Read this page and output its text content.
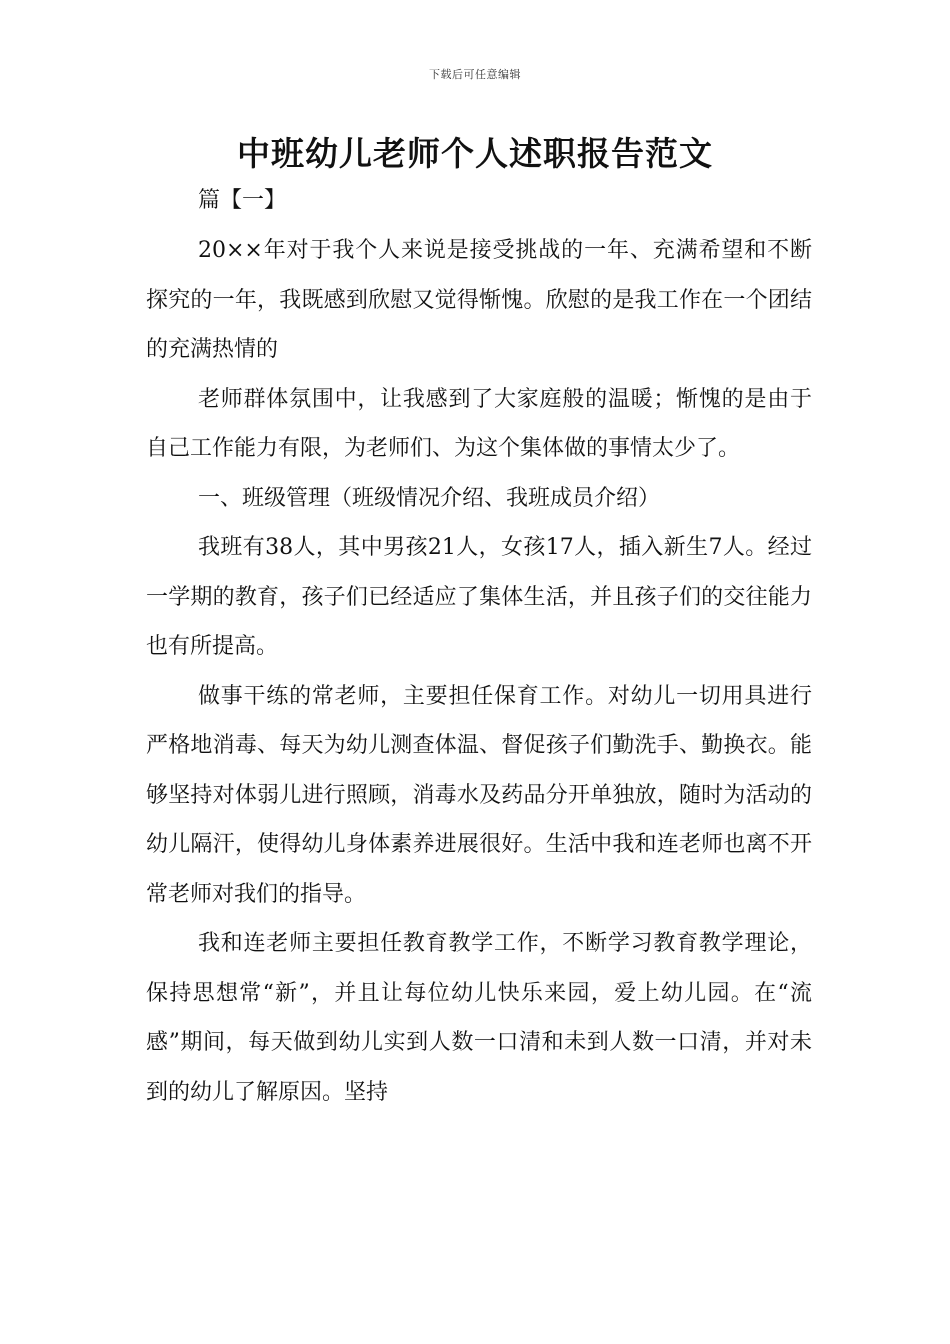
下载后可任意编辑
中班幼儿老师个人述职报告范文
篇【一】

20××年对于我个人来说是接受挑战的一年、充满希望和不断探究的一年，我既感到欣慰又觉得惭愧。欣慰的是我工作在一个团结的充满热情的

老师群体氛围中，让我感到了大家庭般的温暖；惭愧的是由于自己工作能力有限，为老师们、为这个集体做的事情太少了。

一、班级管理（班级情况介绍、我班成员介绍）

我班有38人，其中男孩21人，女孩17人，插入新生7人。经过一学期的教育，孩子们已经适应了集体生活，并且孩子们的交往能力也有所提高。

做事干练的常老师，主要担任保育工作。对幼儿一切用具进行严格地消毒、每天为幼儿测查体温、督促孩子们勤洗手、勤换衣。能够坚持对体弱儿进行照顾，消毒水及药品分开单独放，随时为活动的幼儿隔汗，使得幼儿身体素养进展很好。生活中我和连老师也离不开常老师对我们的指导。

我和连老师主要担任教育教学工作，不断学习教育教学理论，保持思想常“新”，并且让每位幼儿快乐来园，爱上幼儿园。在“流感”期间，每天做到幼儿实到人数一口清和未到人数一口清，并对未到的幼儿了解原因。坚持
